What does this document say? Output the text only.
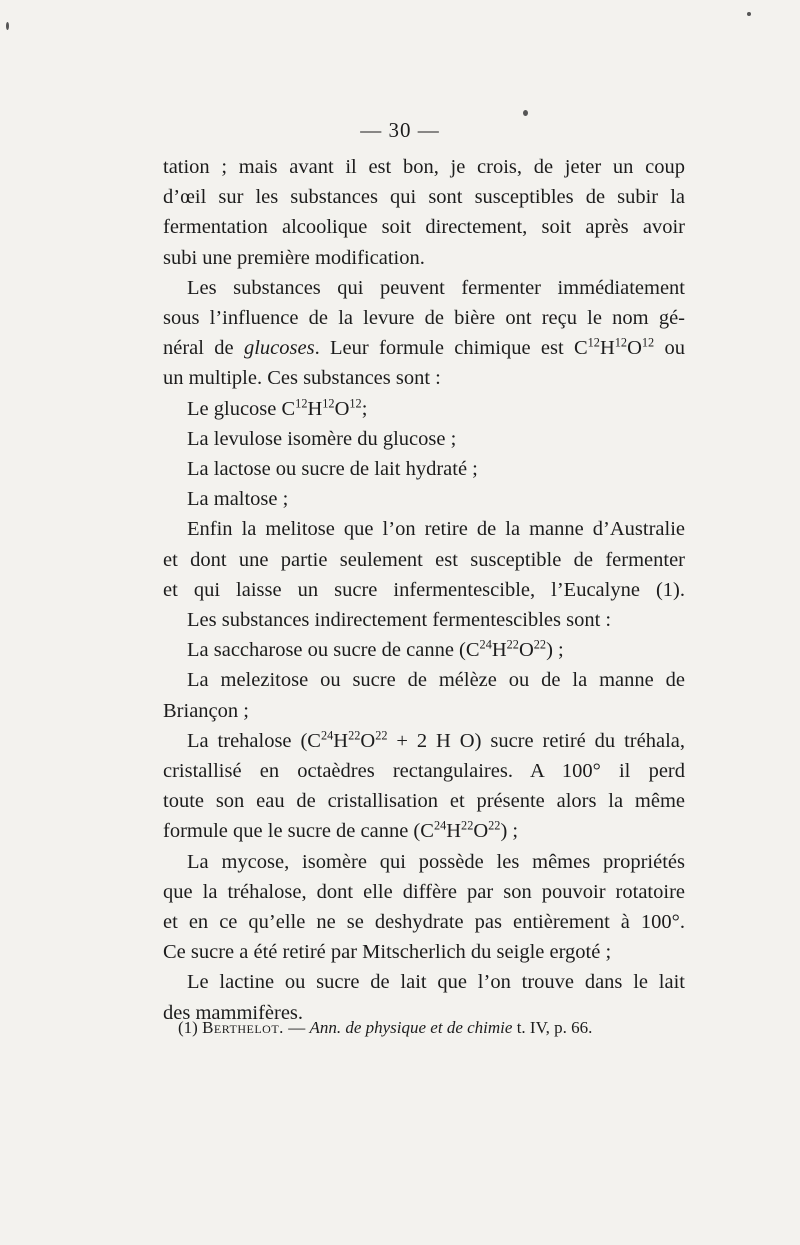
— 30 —
tation ; mais avant il est bon, je crois, de jeter un coup
d’œil sur les substances qui sont susceptibles de subir la
fermentation alcoolique soit directement, soit après avoir
subi une première modification.
Les substances qui peuvent fermenter immédiatement
sous l’influence de la levure de bière ont reçu le nom gé-
néral de glucoses. Leur formule chimique est $C^{12}H^{12}O^{12}$ ou
un multiple. Ces substances sont :
Le glucose $C^{12}H^{12}O^{12}$;
La levulose isomère du glucose ;
La lactose ou sucre de lait hydraté ;
La maltose ;
Enfin la melitose que l’on retire de la manne d’Australie
et dont une partie seulement est susceptible de fermenter
et qui laisse un sucre infermentescible, l’Eucalyne (1).
Les substances indirectement fermentescibles sont :
La saccharose ou sucre de canne $(C^{24}H^{22}O^{22})$ ;
La melezitose ou sucre de mélèze ou de la manne de
Briançon ;
La trehalose ($C^{24}H^{22}O^{22} + 2$ H O) sucre retiré du tréhala,
cristallisé en octaèdres rectangulaires. A 100° il perd
toute son eau de cristallisation et présente alors la même
formule que le sucre de canne $(C^{24}H^{22}O^{22})$ ;
La mycose, isomère qui possède les mêmes propriétés
que la tréhalose, dont elle diffère par son pouvoir rotatoire
et en ce qu’elle ne se deshydrate pas entièrement à 100°.
Ce sucre a été retiré par Mitscherlich du seigle ergoté ;
Le lactine ou sucre de lait que l’on trouve dans le lait
des mammifères.
(1) Berthelot. — Ann. de physique et de chimie t. IV, p. 66.
